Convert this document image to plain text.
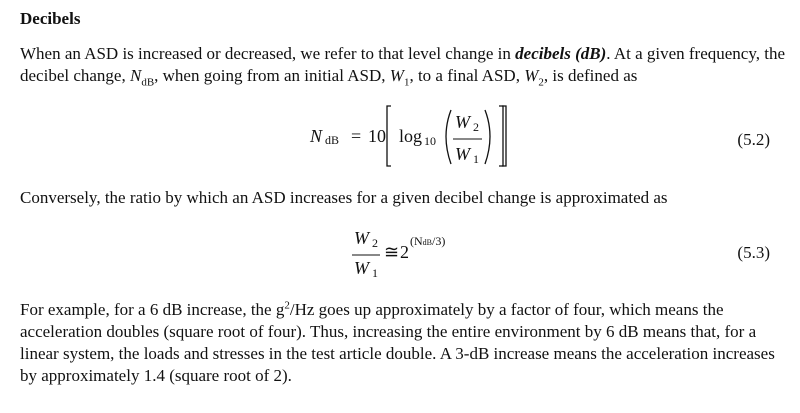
Decibels
When an ASD is increased or decreased, we refer to that level change in decibels (dB). At a given frequency, the decibel change, $N_{dB}$, when going from an initial ASD, $W_1$, to a final ASD, $W_2$, is defined as
N dB = 10 log 10
W 2
W 1
(5.2)
Conversely, the ratio by which an ASD increases for a given decibel change is approximated as
W 2
W 1
≅ 2
(NdB/3)
(5.3)
For example, for a 6 dB increase, the $g^2/Hz$ goes up approximately by a factor of four, which means the acceleration doubles (square root of four). Thus, increasing the entire environment by 6 dB means that, for a linear system, the loads and stresses in the test article double. A 3-dB increase means the acceleration increases by approximately 1.4 (square root of 2).
